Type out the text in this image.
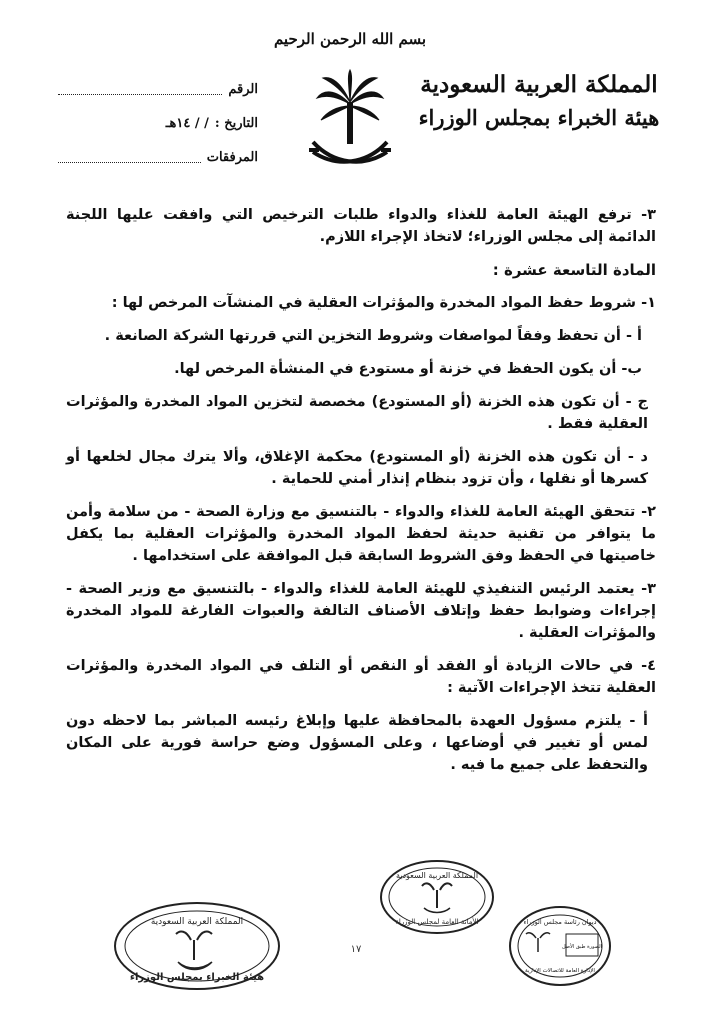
بسم الله الرحمن الرحيم
المملكة العربية السعودية
هيئة الخبراء بمجلس الوزراء
الرقم
التاريخ :
/ / ١٤هـ
المرفقات

٣- ترفع الهيئة العامة للغذاء والدواء طلبات الترخيص التي وافقت عليها اللجنة الدائمة إلى مجلس الوزراء؛ لاتخاذ الإجراء اللازم.

المادة التاسعة عشرة :

١- شروط حفظ المواد المخدرة والمؤثرات العقلية في المنشآت المرخص لها :

أ - أن تحفظ وفقاً لمواصفات وشروط التخزين التي قررتها الشركة الصانعة .

ب- أن يكون الحفظ في خزنة أو مستودع في المنشأة المرخص لها.

ج - أن تكون هذه الخزنة (أو المستودع) مخصصة لتخزين المواد المخدرة والمؤثرات العقلية فقط .

د - أن تكون هذه الخزنة (أو المستودع) محكمة الإغلاق، وألا يترك مجال لخلعها أو كسرها أو نقلها ، وأن تزود بنظام إنذار أمني للحماية .

٢- تتحقق الهيئة العامة للغذاء والدواء - بالتنسيق مع وزارة الصحة - من سلامة وأمن ما يتوافر من تقنية حديثة لحفظ المواد المخدرة والمؤثرات العقلية بما يكفل خاصيتها في الحفظ وفق الشروط السابقة قبل الموافقة على استخدامها .

٣- يعتمد الرئيس التنفيذي للهيئة العامة للغذاء والدواء - بالتنسيق مع وزير الصحة - إجراءات وضوابط حفظ وإتلاف الأصناف التالفة والعبوات الفارغة للمواد المخدرة والمؤثرات العقلية .

٤- في حالات الزيادة أو الفقد أو النقص أو التلف في المواد المخدرة والمؤثرات العقلية تتخذ الإجراءات الآتية :

أ - يلتزم مسؤول العهدة بالمحافظة عليها وإبلاغ رئيسه المباشر بما لاحظه دون لمس أو تغيير في أوضاعها ، وعلى المسؤول وضع حراسة فورية على المكان والتحفظ على جميع ما فيه .

١٧
المملكة العربية السعودية
هيئة الخبراء بمجلس الوزراء
المملكة العربية السعودية
الأمانة العامة لمجلس الوزراء	ديوان رئاسة مجلس الوزراء
الصورة طبق الأصل
الإدارة العامة للاتصالات الإدارية
